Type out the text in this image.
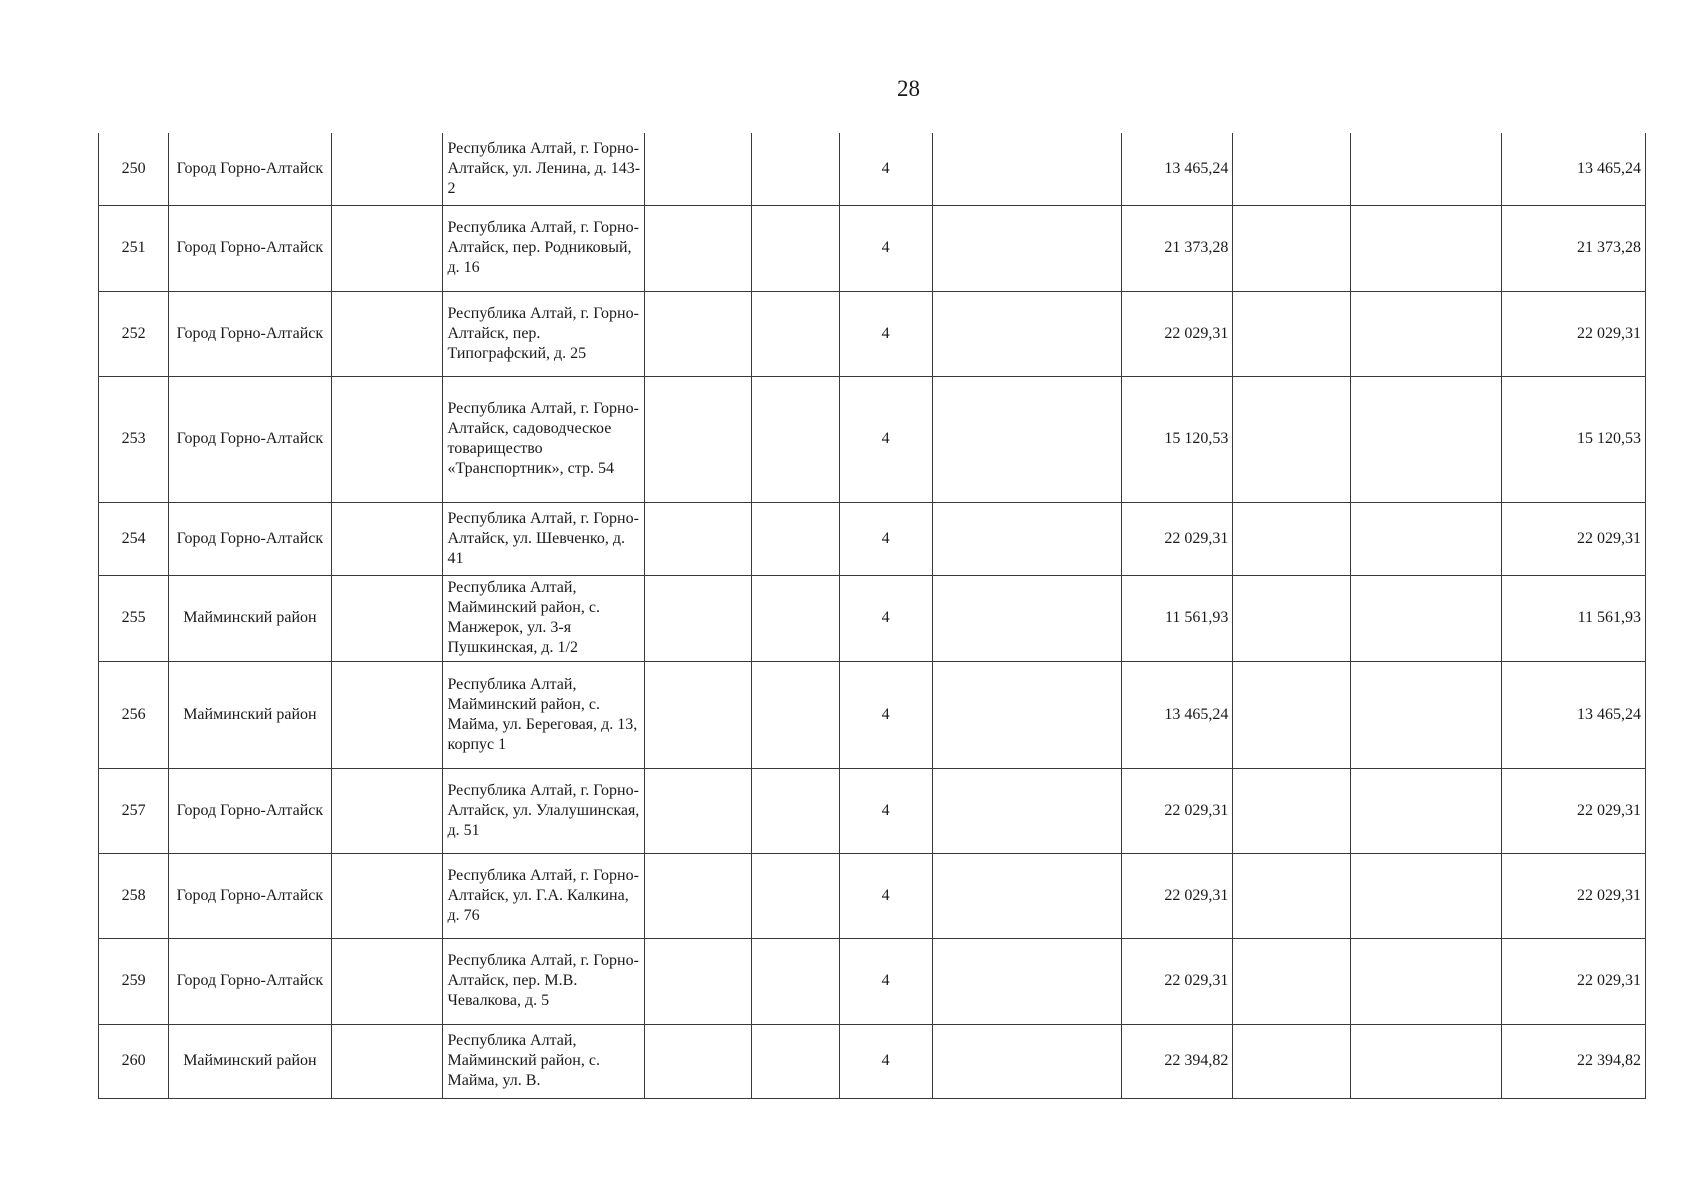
28
250	Город Горно-Алтайск		Республика Алтай, г. Горно-Алтайск, ул. Ленина, д. 143-2			4		13 465,24			13 465,24
251	Город Горно-Алтайск		Республика Алтай, г. Горно-Алтайск, пер. Родниковый, д. 16			4		21 373,28			21 373,28
252	Город Горно-Алтайск		Республика Алтай, г. Горно-Алтайск, пер. Типографский, д. 25			4		22 029,31			22 029,31
253	Город Горно-Алтайск		Республика Алтай, г. Горно-Алтайск, садоводческое товарищество «Транспортник», стр. 54			4		15 120,53			15 120,53
254	Город Горно-Алтайск		Республика Алтай, г. Горно-Алтайск, ул. Шевченко, д. 41			4		22 029,31			22 029,31
255	Майминский район		Республика Алтай, Майминский район, с. Манжерок, ул. 3-я Пушкинская, д. 1/2			4		11 561,93			11 561,93
256	Майминский район		Республика Алтай, Майминский район, с. Майма, ул. Береговая, д. 13, корпус 1			4		13 465,24			13 465,24
257	Город Горно-Алтайск		Республика Алтай, г. Горно-Алтайск, ул. Улалушинская, д. 51			4		22 029,31			22 029,31
258	Город Горно-Алтайск		Республика Алтай, г. Горно-Алтайск, ул. Г.А. Калкина, д. 76			4		22 029,31			22 029,31
259	Город Горно-Алтайск		Республика Алтай, г. Горно-Алтайск, пер. М.В. Чевалкова, д. 5			4		22 029,31			22 029,31
260	Майминский район		Республика Алтай, Майминский район, с. Майма, ул. В.			4		22 394,82			22 394,82
